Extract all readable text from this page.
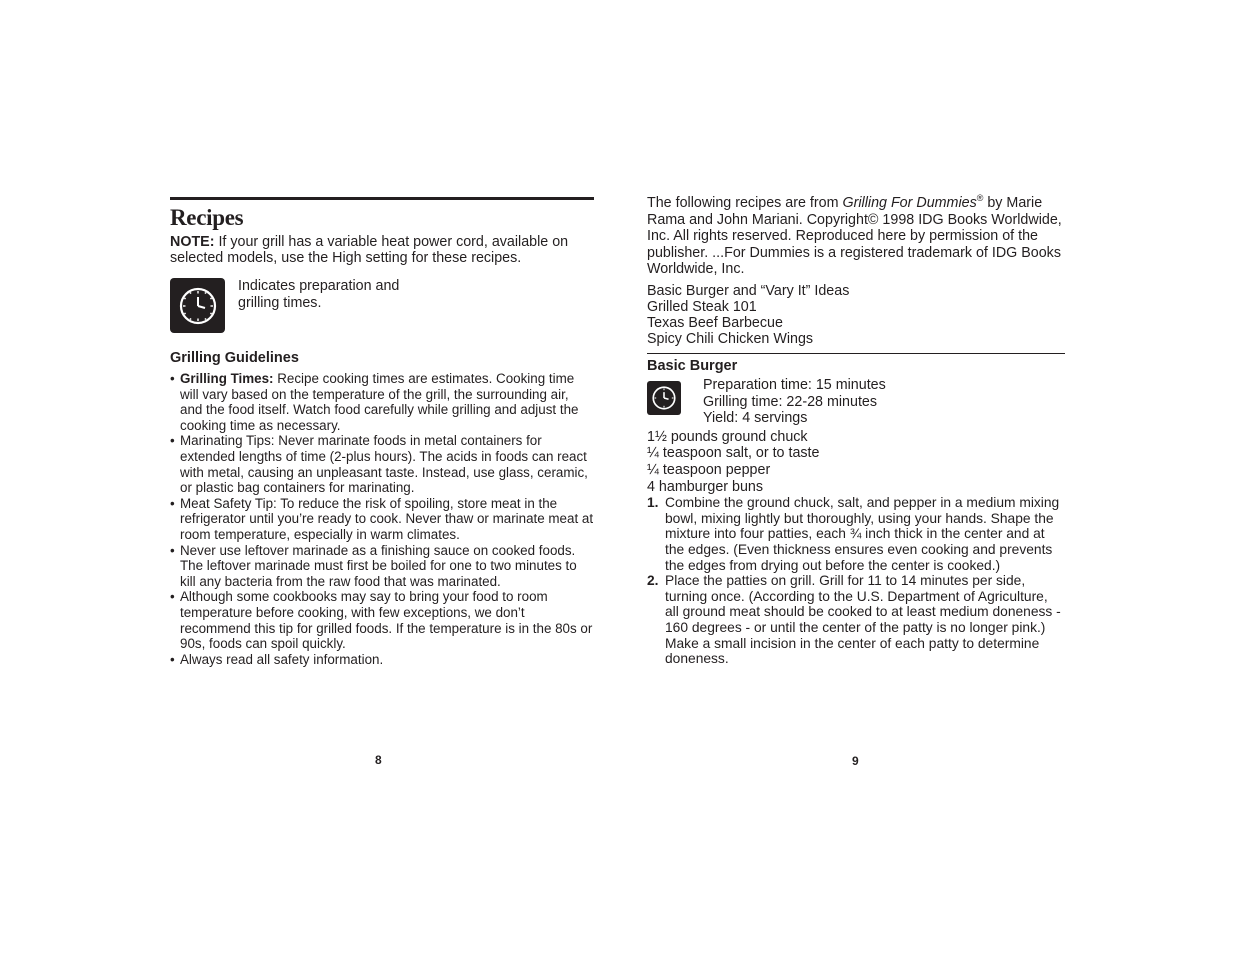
Recipes

NOTE: If your grill has a variable heat power cord, available on selected models, use the High setting for these recipes.

Indicates preparation and grilling times.
Grilling Guidelines
• Grilling Times: Recipe cooking times are estimates. Cooking time will vary based on the temperature of the grill, the surrounding air, and the food itself. Watch food carefully while grilling and adjust the cooking time as necessary.
• Marinating Tips: Never marinate foods in metal containers for extended lengths of time (2-plus hours). The acids in foods can react with metal, causing an unpleasant taste. Instead, use glass, ceramic, or plastic bag containers for marinating.
• Meat Safety Tip: To reduce the risk of spoiling, store meat in the refrigerator until you’re ready to cook. Never thaw or marinate meat at room temperature, especially in warm climates.
• Never use leftover marinade as a finishing sauce on cooked foods. The leftover marinade must first be boiled for one to two minutes to kill any bacteria from the raw food that was marinated.
• Although some cookbooks may say to bring your food to room temperature before cooking, with few exceptions, we don’t recommend this tip for grilled foods. If the temperature is in the 80s or 90s, foods can spoil quickly.
• Always read all safety information.
8

The following recipes are from Grilling For Dummies® by Marie Rama and John Mariani. Copyright© 1998 IDG Books Worldwide, Inc. All rights reserved. Reproduced here by permission of the publisher. ...For Dummies is a registered trademark of IDG Books Worldwide, Inc.

Basic Burger and “Vary It” Ideas
Grilled Steak 101
Texas Beef Barbecue
Spicy Chili Chicken Wings
Basic Burger
Preparation time: 15 minutes
Grilling time: 22-28 minutes
Yield: 4 servings
1½ pounds ground chuck
¼ teaspoon salt, or to taste
¼ teaspoon pepper
4 hamburger buns
1. Combine the ground chuck, salt, and pepper in a medium mixing bowl, mixing lightly but thoroughly, using your hands. Shape the mixture into four patties, each ¾ inch thick in the center and at the edges. (Even thickness ensures even cooking and prevents the edges from drying out before the center is cooked.)
2. Place the patties on grill. Grill for 11 to 14 minutes per side, turning once. (According to the U.S. Department of Agriculture, all ground meat should be cooked to at least medium doneness - 160 degrees - or until the center of the patty is no longer pink.) Make a small incision in the center of each patty to determine doneness.
9
